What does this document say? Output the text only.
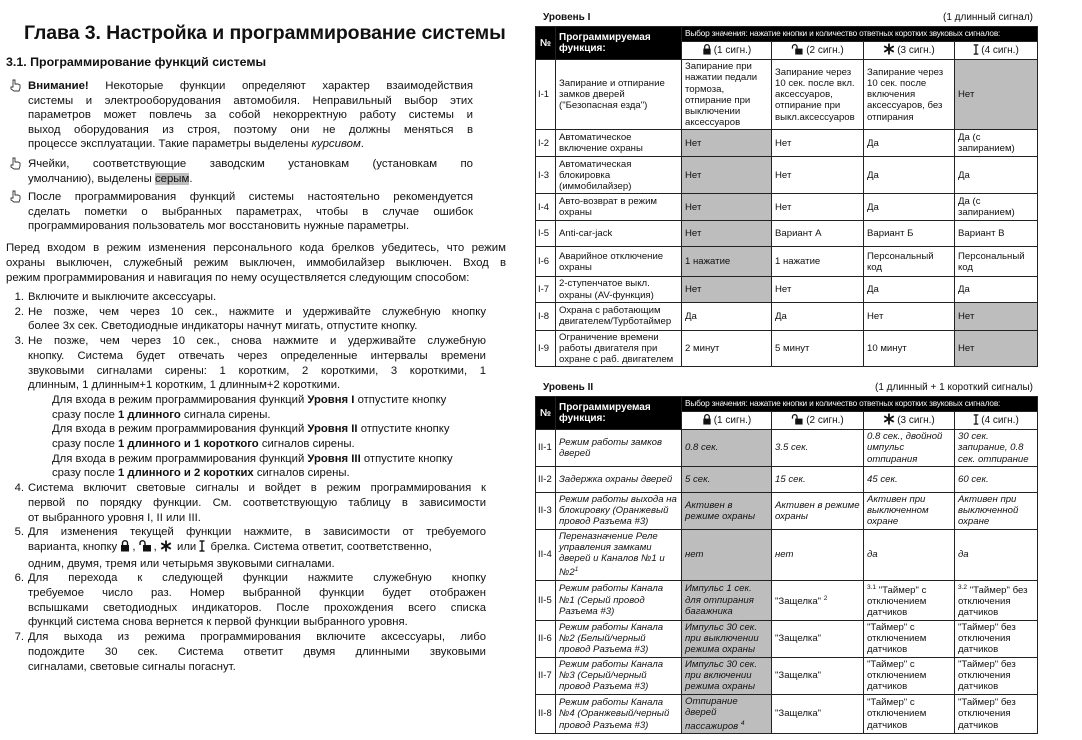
Глава 3. Настройка и программирование системы
3.1. Программирование функций системы
Внимание! Некоторые функции определяют характер взаимодействия
системы и электрооборудования автомобиля. Неправильный выбор этих
параметров может повлечь за собой некорректную работу системы и
выход оборудования из строя, поэтому они не должны меняться в
процессе эксплуатации. Такие параметры выделены курсивом.
Ячейки, соответствующие заводским установкам (установкам по
умолчанию), выделены серым.
После программирования функций системы настоятельно рекомендуется
сделать пометки о выбранных параметрах, чтобы в случае ошибок
программирования пользователь мог восстановить нужные параметры.
Перед входом в режим изменения персонального кода брелков убедитесь, что режим
охраны выключен, служебный режим выключен, иммобилайзер выключен. Вход в
режим программирования и навигация по нему осуществляется следующим способом:
1. Включите и выключите аксессуары.
2. Не позже, чем через 10 сек., нажмите и удерживайте служебную кнопку
более 3х сек. Светодиодные индикаторы начнут мигать, отпустите кнопку.
3. Не позже, чем через 10 сек., снова нажмите и удерживайте служебную
кнопку. Система будет отвечать через определенные интервалы времени
звуковыми сигналами сирены: 1 коротким, 2 короткими, 3 короткими, 1
длинным, 1 длинным+1 коротким, 1 длинным+2 короткими.
Для входа в режим программирования функций Уровня I отпустите кнопку
сразу после 1 длинного сигнала сирены.
Для входа в режим программирования функций Уровня II отпустите кнопку
сразу после 1 длинного и 1 короткого сигналов сирены.
Для входа в режим программирования функций Уровня III отпустите кнопку
сразу после 1 длинного и 2 коротких сигналов сирены.
4. Система включит световые сигналы и войдет в режим программирования к
первой по порядку функции. См. соответствующую таблицу в зависимости
от выбранного уровня I, II или III.
5. Для изменения текущей функции нажмите, в зависимости от требуемого
варианта, кнопку , ,  или  брелка. Система ответит, соответственно,
одним, двумя, тремя или четырьмя звуковыми сигналами.
6. Для перехода к следующей функции нажмите служебную кнопку
требуемое число раз. Номер выбранной функции будет отображен
вспышками светодиодных индикаторов. После прохождения всего списка
функций система снова вернется к первой функции выбранного уровня.
7. Для выхода из режима программирования включите аксессуары, либо
подождите 30 сек. Система ответит двумя длинными звуковыми
сигналами, световые сигналы погаснут.
Уровень I	(1 длинный сигнал)
№	Программируемая функция:	Выбор значения: нажатие кнопки и количество ответных коротких звуковых сигналов:			
		(1 сигн.)	(2 сигн.)	(3 сигн.)	(4 сигн.)
I-1	Запирание и отпирание замков дверей ("Безопасная езда")	Запирание при нажатии педали тормоза, отпирание при выключении аксессуаров	Запирание через 10 сек. после вкл. аксессуаров, отпирание при выкл.аксессуаров	Запирание через 10 сек. после включения аксессуаров, без отпирания	Нет
I-2	Автоматическое включение охраны	Нет	Нет	Да	Да (с запиранием)
I-3	Автоматическая блокировка (иммобилайзер)	Нет	Нет	Да	Да
I-4	Авто-возврат в режим охраны	Нет	Нет	Да	Да (с запиранием)
I-5	Anti-car-jack	Нет	Вариант А	Вариант Б	Вариант В
I-6	Аварийное отключение охраны	1 нажатие	1 нажатие	Персональный код	Персональный код
I-7	2-ступенчатое выкл. охраны (AV-функция)	Нет	Нет	Да	Да
I-8	Охрана с работающим двигателем/Турботаймер	Да	Да	Нет	Нет
I-9	Ограничение времени работы двигателя при охране с раб. двигателем	2 минут	5 минут	10 минут	Нет
Уровень II	(1 длинный + 1 короткий сигналы)
№	Программируемая функция:	Выбор значения: нажатие кнопки и количество ответных коротких звуковых сигналов:			
		(1 сигн.)	(2 сигн.)	(3 сигн.)	(4 сигн.)
II-1	Режим работы замков дверей	0.8 сек.	3.5 сек.	0.8 сек., двойной импульс отпирания	30 сек. запирание, 0.8 сек. отпирание
II-2	Задержка охраны дверей	5 сек.	15 сек.	45 сек.	60 сек.
II-3	Режим работы выхода на блокировку (Оранжевый провод Разъема #3)	Активен в режиме охраны	Активен в режиме охраны	Активен при выключенном охране	Активен при выключенной охране
II-4	Переназначение Реле управления замками дверей и Каналов №1 и $№2^1$	нет	нет	да	да
II-5	Режим работы Канала №1 (Серый провод Разъема #3)	Импульс 1 сек. для отпирания багажника	"Защелка" $^2$	$^{3.1}$ "Таймер" с отключением датчиков	$^{3.2}$ "Таймер" без отключения датчиков
II-6	Режим работы Канала №2 (Белый/черный провод Разъема #3)	Импульс 30 сек. при выключении режима охраны	"Защелка"	"Таймер" с отключением датчиков	"Таймер" без отключения датчиков
II-7	Режим работы Канала №3 (Серый/черный провод Разъема #3)	Импульс 30 сек. при включении режима охраны	"Защелка"	"Таймер" с отключением датчиков	"Таймер" без отключения датчиков
II-8	Режим работы Канала №4 (Оранжевый/черный провод Разъема #3)	Отпирание дверей пассажиров $^4$	"Защелка"	"Таймер" с отключением датчиков	"Таймер" без отключения датчиков
